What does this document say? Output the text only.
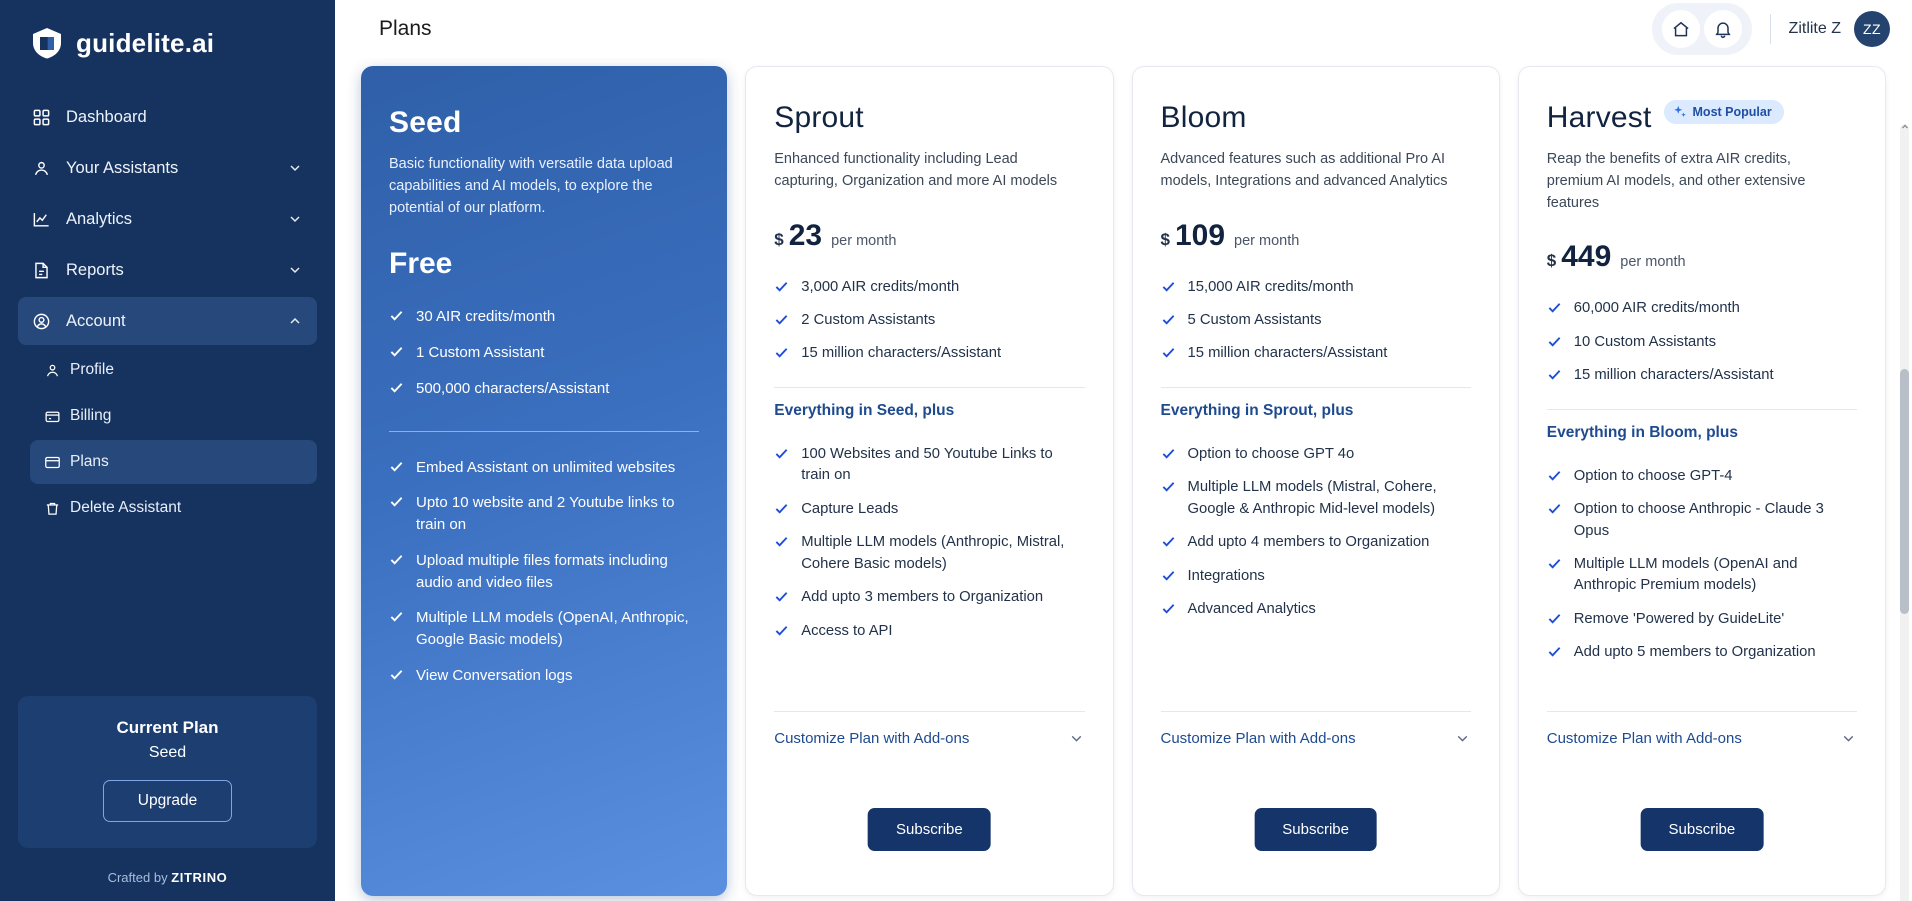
guidelite.ai
Dashboard
Your Assistants
Analytics
Reports
Account
Profile
Billing
Plans
Delete Assistant
Current Plan
Seed
Upgrade
Crafted by ZITRINO
Plans	Zitlite Z	ZZ
Seed
Basic functionality with versatile data upload capabilities and AI models, to explore the potential of our platform.
Free
30 AIR credits/month
1 Custom Assistant
500,000 characters/Assistant
Embed Assistant on unlimited websites
Upto 10 website and 2 Youtube links to train on
Upload multiple files formats including audio and video files
Multiple LLM models (OpenAI, Anthropic, Google Basic models)
View Conversation logs
Sprout
Enhanced functionality including Lead capturing, Organization and more AI models
$ 23 per month
3,000 AIR credits/month
2 Custom Assistants
15 million characters/Assistant
Everything in Seed, plus
100 Websites and 50 Youtube Links to train on
Capture Leads
Multiple LLM models (Anthropic, Mistral, Cohere Basic models)
Add upto 3 members to Organization
Access to API
Customize Plan with Add-ons
Subscribe
Bloom
Advanced features such as additional Pro AI models, Integrations and advanced Analytics
$ 109 per month
15,000 AIR credits/month
5 Custom Assistants
15 million characters/Assistant
Everything in Sprout, plus
Option to choose GPT 4o
Multiple LLM models (Mistral, Cohere, Google & Anthropic Mid-level models)
Add upto 4 members to Organization
Integrations
Advanced Analytics
Customize Plan with Add-ons
Subscribe
Harvest	Most Popular
Reap the benefits of extra AIR credits, premium AI models, and other extensive features
$ 449 per month
60,000 AIR credits/month
10 Custom Assistants
15 million characters/Assistant
Everything in Bloom, plus
Option to choose GPT-4
Option to choose Anthropic - Claude 3 Opus
Multiple LLM models (OpenAI and Anthropic Premium models)
Remove 'Powered by GuideLite'
Add upto 5 members to Organization
Customize Plan with Add-ons
Subscribe
